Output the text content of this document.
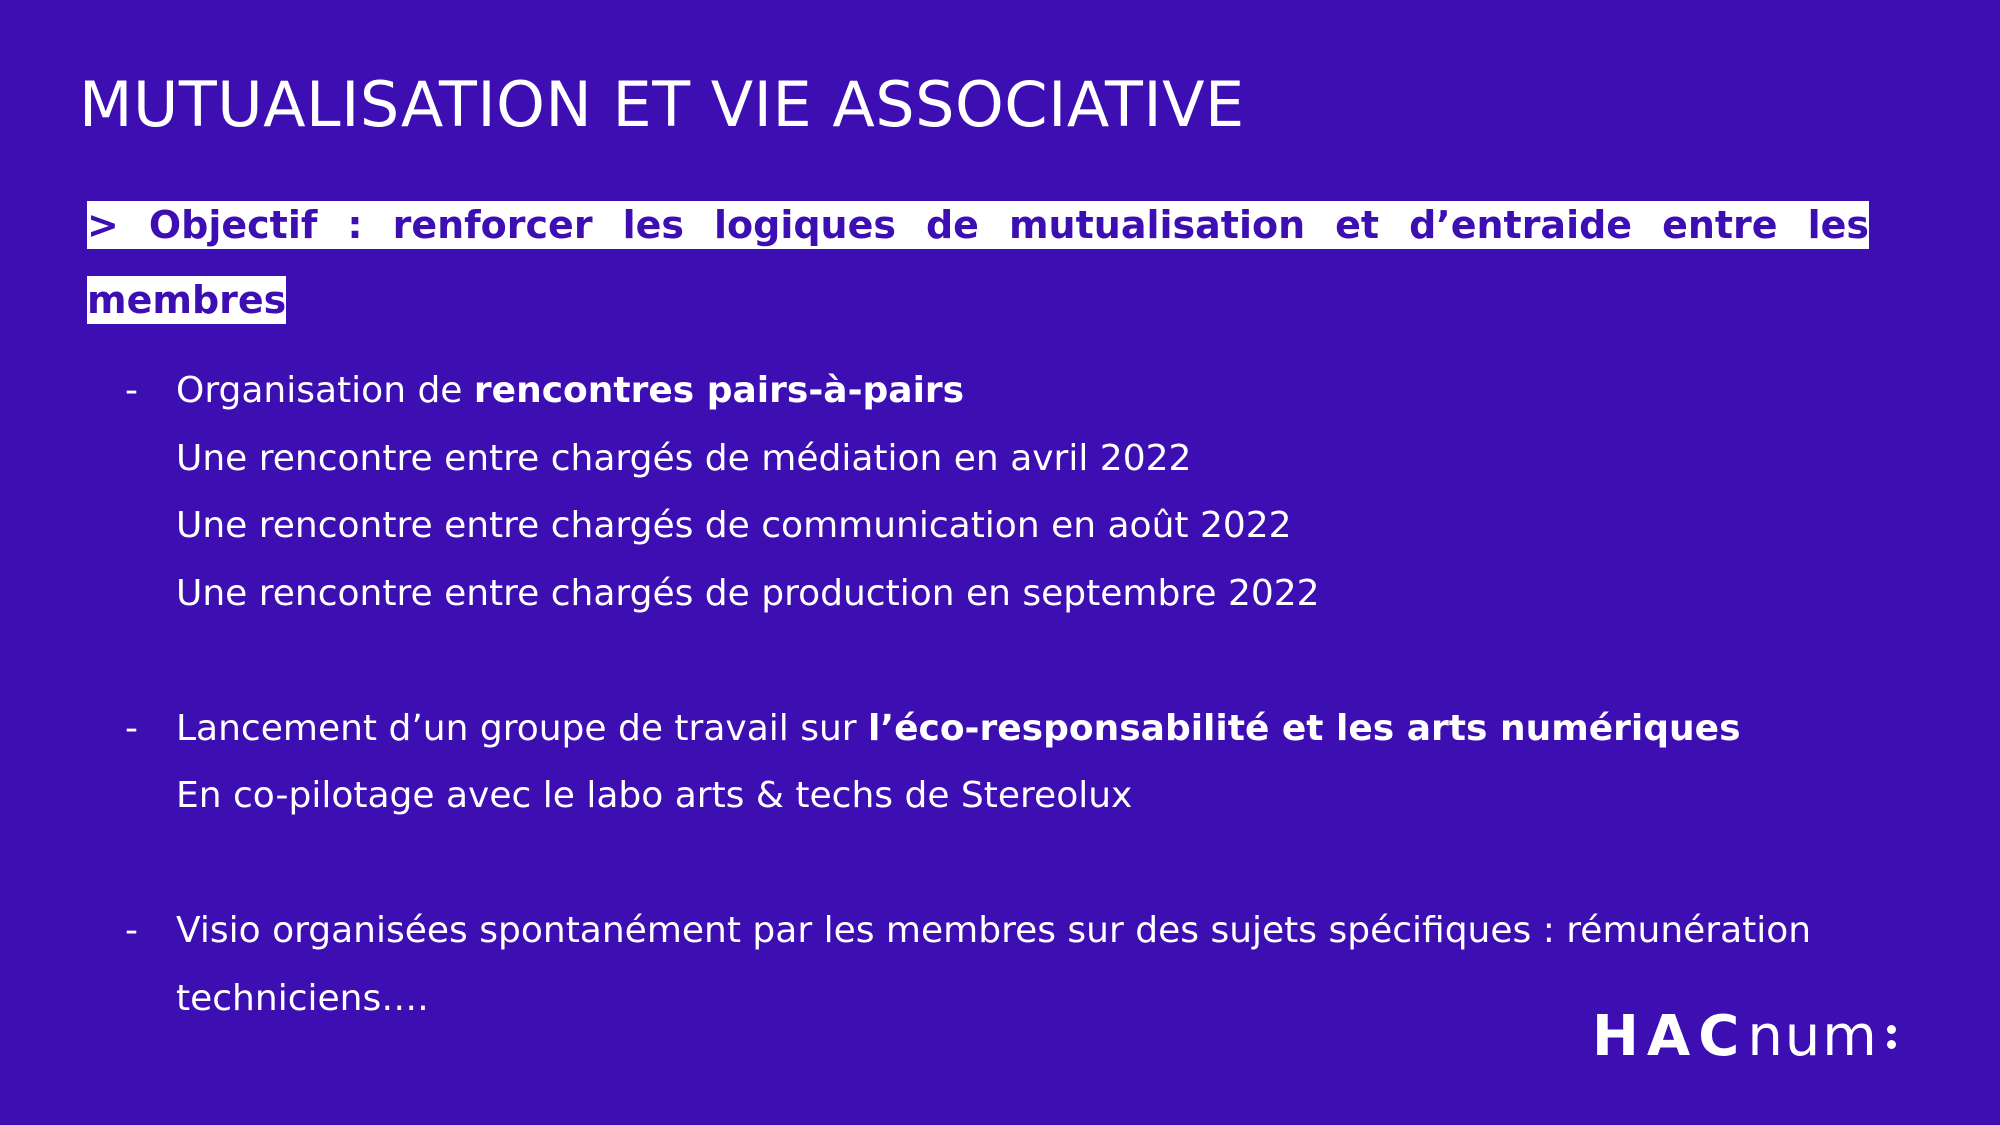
MUTUALISATION ET VIE ASSOCIATIVE
> Objectif : renforcer les logiques de mutualisation et d’entraide entre les membres
-	Organisation de rencontres pairs-à-pairs
Une rencontre entre chargés de médiation en avril 2022
Une rencontre entre chargés de communication en août 2022
Une rencontre entre chargés de production en septembre 2022
-	Lancement d’un groupe de travail sur l’éco-responsabilité et les arts numériques
En co-pilotage avec le labo arts & techs de Stereolux
-	Visio organisées spontanément par les membres sur des sujets spécifiques : rémunération
techniciens….
HAC num
